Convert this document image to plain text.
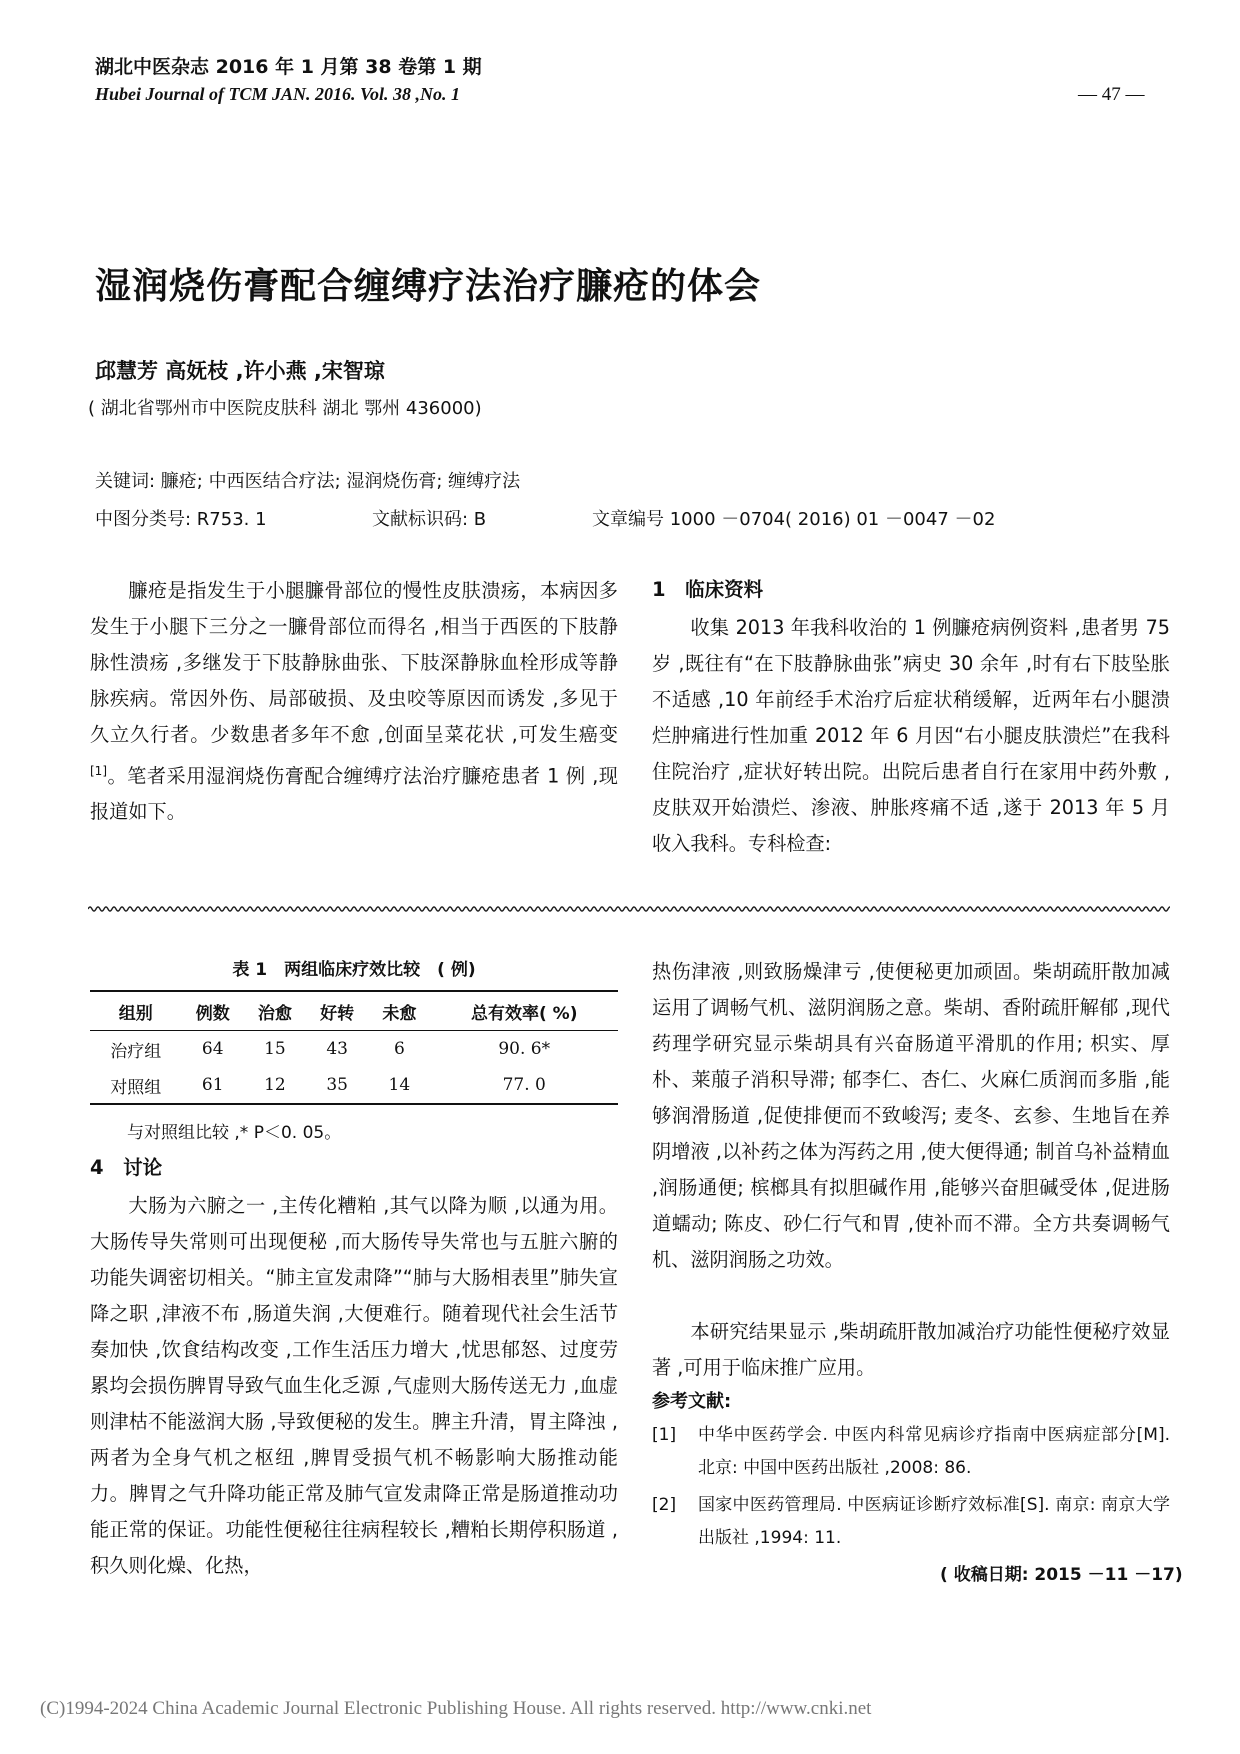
湖北中医杂志 2016 年 1 月第 38 卷第 1 期
Hubei Journal of TCM JAN. 2016. Vol. 38 ,No. 1	— 47 —
湿润烧伤膏配合缠缚疗法治疗臁疮的体会
邱慧芳 高妩枝 ,许小燕 ,宋智琼
( 湖北省鄂州市中医院皮肤科 湖北 鄂州 436000)
关键词: 臁疮; 中西医结合疗法; 湿润烧伤膏; 缠缚疗法
中图分类号: R753. 1	文献标识码: B	文章编号 1000 －0704( 2016) 01 －0047 －02
臁疮是指发生于小腿臁骨部位的慢性皮肤溃疡，本病因多发生于小腿下三分之一臁骨部位而得名 ,相当于西医的下肢静脉性溃疡 ,多继发于下肢静脉曲张、下肢深静脉血栓形成等静脉疾病。常因外伤、局部破损、及虫咬等原因而诱发 ,多见于久立久行者。少数患者多年不愈 ,创面呈菜花状 ,可发生癌变[1]。笔者采用湿润烧伤膏配合缠缚疗法治疗臁疮患者 1 例 ,现报道如下。
1　临床资料
收集 2013 年我科收治的 1 例臁疮病例资料 ,患者男 75 岁 ,既往有“在下肢静脉曲张”病史 30 余年 ,时有右下肢坠胀不适感 ,10 年前经手术治疗后症状稍缓解，近两年右小腿溃烂肿痛进行性加重 2012 年 6 月因“右小腿皮肤溃烂”在我科住院治疗 ,症状好转出院。出院后患者自行在家用中药外敷 ,皮肤双开始溃烂、渗液、肿胀疼痛不适 ,遂于 2013 年 5 月收入我科。专科检查:
表 1　两组临床疗效比较　( 例)
组别	例数	治愈	好转	未愈	总有效率( %)
治疗组	64	15	43	6	90. 6*
对照组	61	12	35	14	77. 0
与对照组比较 ,* P＜0. 05。
4　讨论
大肠为六腑之一 ,主传化糟粕 ,其气以降为顺 ,以通为用。大肠传导失常则可出现便秘 ,而大肠传导失常也与五脏六腑的功能失调密切相关。“肺主宣发肃降”“肺与大肠相表里”肺失宣降之职 ,津液不布 ,肠道失润 ,大便难行。随着现代社会生活节奏加快 ,饮食结构改变 ,工作生活压力增大 ,忧思郁怒、过度劳累均会损伤脾胃导致气血生化乏源 ,气虚则大肠传送无力 ,血虚则津枯不能滋润大肠 ,导致便秘的发生。脾主升清，胃主降浊 ,两者为全身气机之枢纽 ,脾胃受损气机不畅影响大肠推动能力。脾胃之气升降功能正常及肺气宣发肃降正常是肠道推动功能正常的保证。功能性便秘往往病程较长 ,糟粕长期停积肠道 ,积久则化燥、化热，
热伤津液 ,则致肠燥津亏 ,使便秘更加顽固。柴胡疏肝散加减运用了调畅气机、滋阴润肠之意。柴胡、香附疏肝解郁 ,现代药理学研究显示柴胡具有兴奋肠道平滑肌的作用; 枳实、厚朴、莱菔子消积导滞; 郁李仁、杏仁、火麻仁质润而多脂 ,能够润滑肠道 ,促使排便而不致峻泻; 麦冬、玄参、生地旨在养阴增液 ,以补药之体为泻药之用 ,使大便得通; 制首乌补益精血 ,润肠通便; 槟榔具有拟胆碱作用 ,能够兴奋胆碱受体 ,促进肠道蠕动; 陈皮、砂仁行气和胃 ,使补而不滞。全方共奏调畅气机、滋阴润肠之功效。
本研究结果显示 ,柴胡疏肝散加减治疗功能性便秘疗效显著 ,可用于临床推广应用。
参考文献:
[1] 中华中医药学会. 中医内科常见病诊疗指南中医病症部分[M]. 北京: 中国中医药出版社 ,2008: 86.
[2] 国家中医药管理局. 中医病证诊断疗效标准[S]. 南京: 南京大学出版社 ,1994: 11.
( 收稿日期: 2015 －11 －17)
(C)1994-2024 China Academic Journal Electronic Publishing House. All rights reserved. http://www.cnki.net
